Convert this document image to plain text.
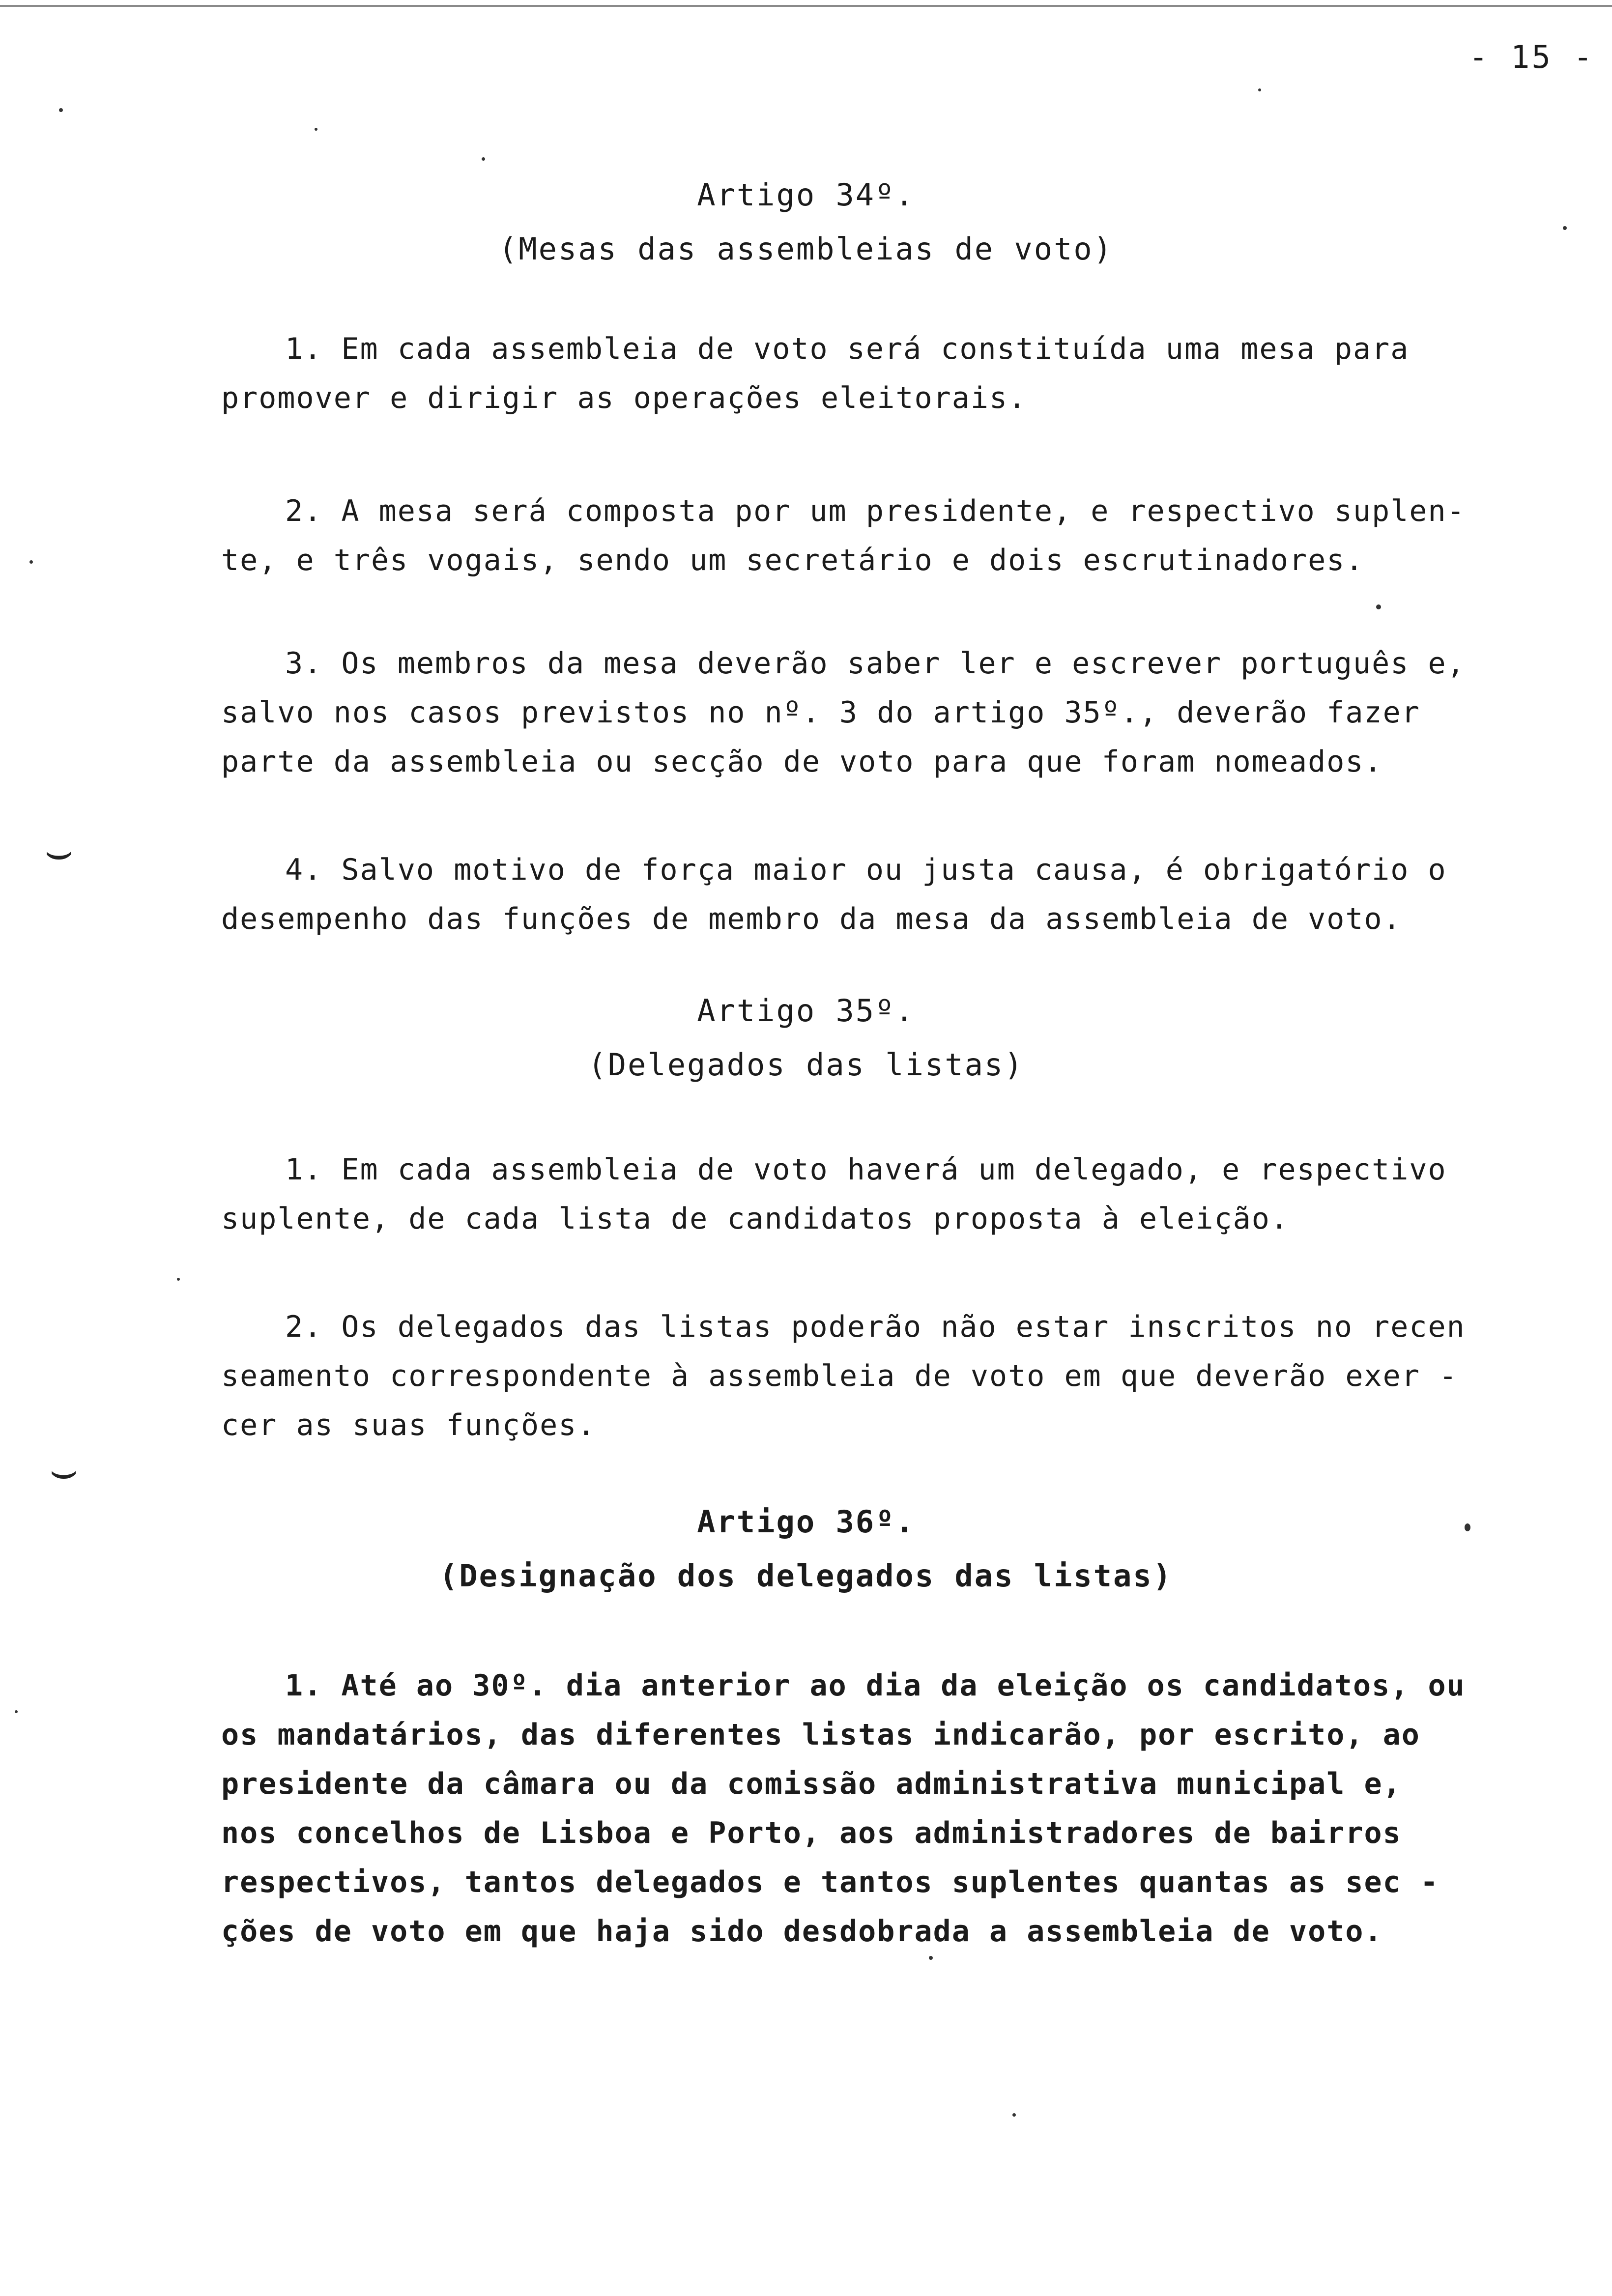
⌣
⌣
- 15 -
Artigo 34º.
(Mesas das assembleias de voto)
1. Em cada assembleia de voto será constituída uma mesa para
promover e dirigir as operações eleitorais.
2. A mesa será composta por um presidente, e respectivo suplen-
te, e três vogais, sendo um secretário e dois escrutinadores.
3. Os membros da mesa deverão saber ler e escrever português e,
salvo nos casos previstos no nº. 3 do artigo 35º., deverão fazer
parte da assembleia ou secção de voto para que foram nomeados.
4. Salvo motivo de força maior ou justa causa, é obrigatório o
desempenho das funções de membro da mesa da assembleia de voto.
Artigo 35º.
(Delegados das listas)
1. Em cada assembleia de voto haverá um delegado, e respectivo
suplente, de cada lista de candidatos proposta à eleição.
2. Os delegados das listas poderão não estar inscritos no recen
seamento correspondente à assembleia de voto em que deverão exer -
cer as suas funções.
Artigo 36º.
(Designação dos delegados das listas)
1. Até ao 30º. dia anterior ao dia da eleição os candidatos, ou
os mandatários, das diferentes listas indicarão, por escrito, ao
presidente da câmara ou da comissão administrativa municipal e,
nos concelhos de Lisboa e Porto, aos administradores de bairros
respectivos, tantos delegados e tantos suplentes quantas as sec -
ções de voto em que haja sido desdobrada a assembleia de voto.
